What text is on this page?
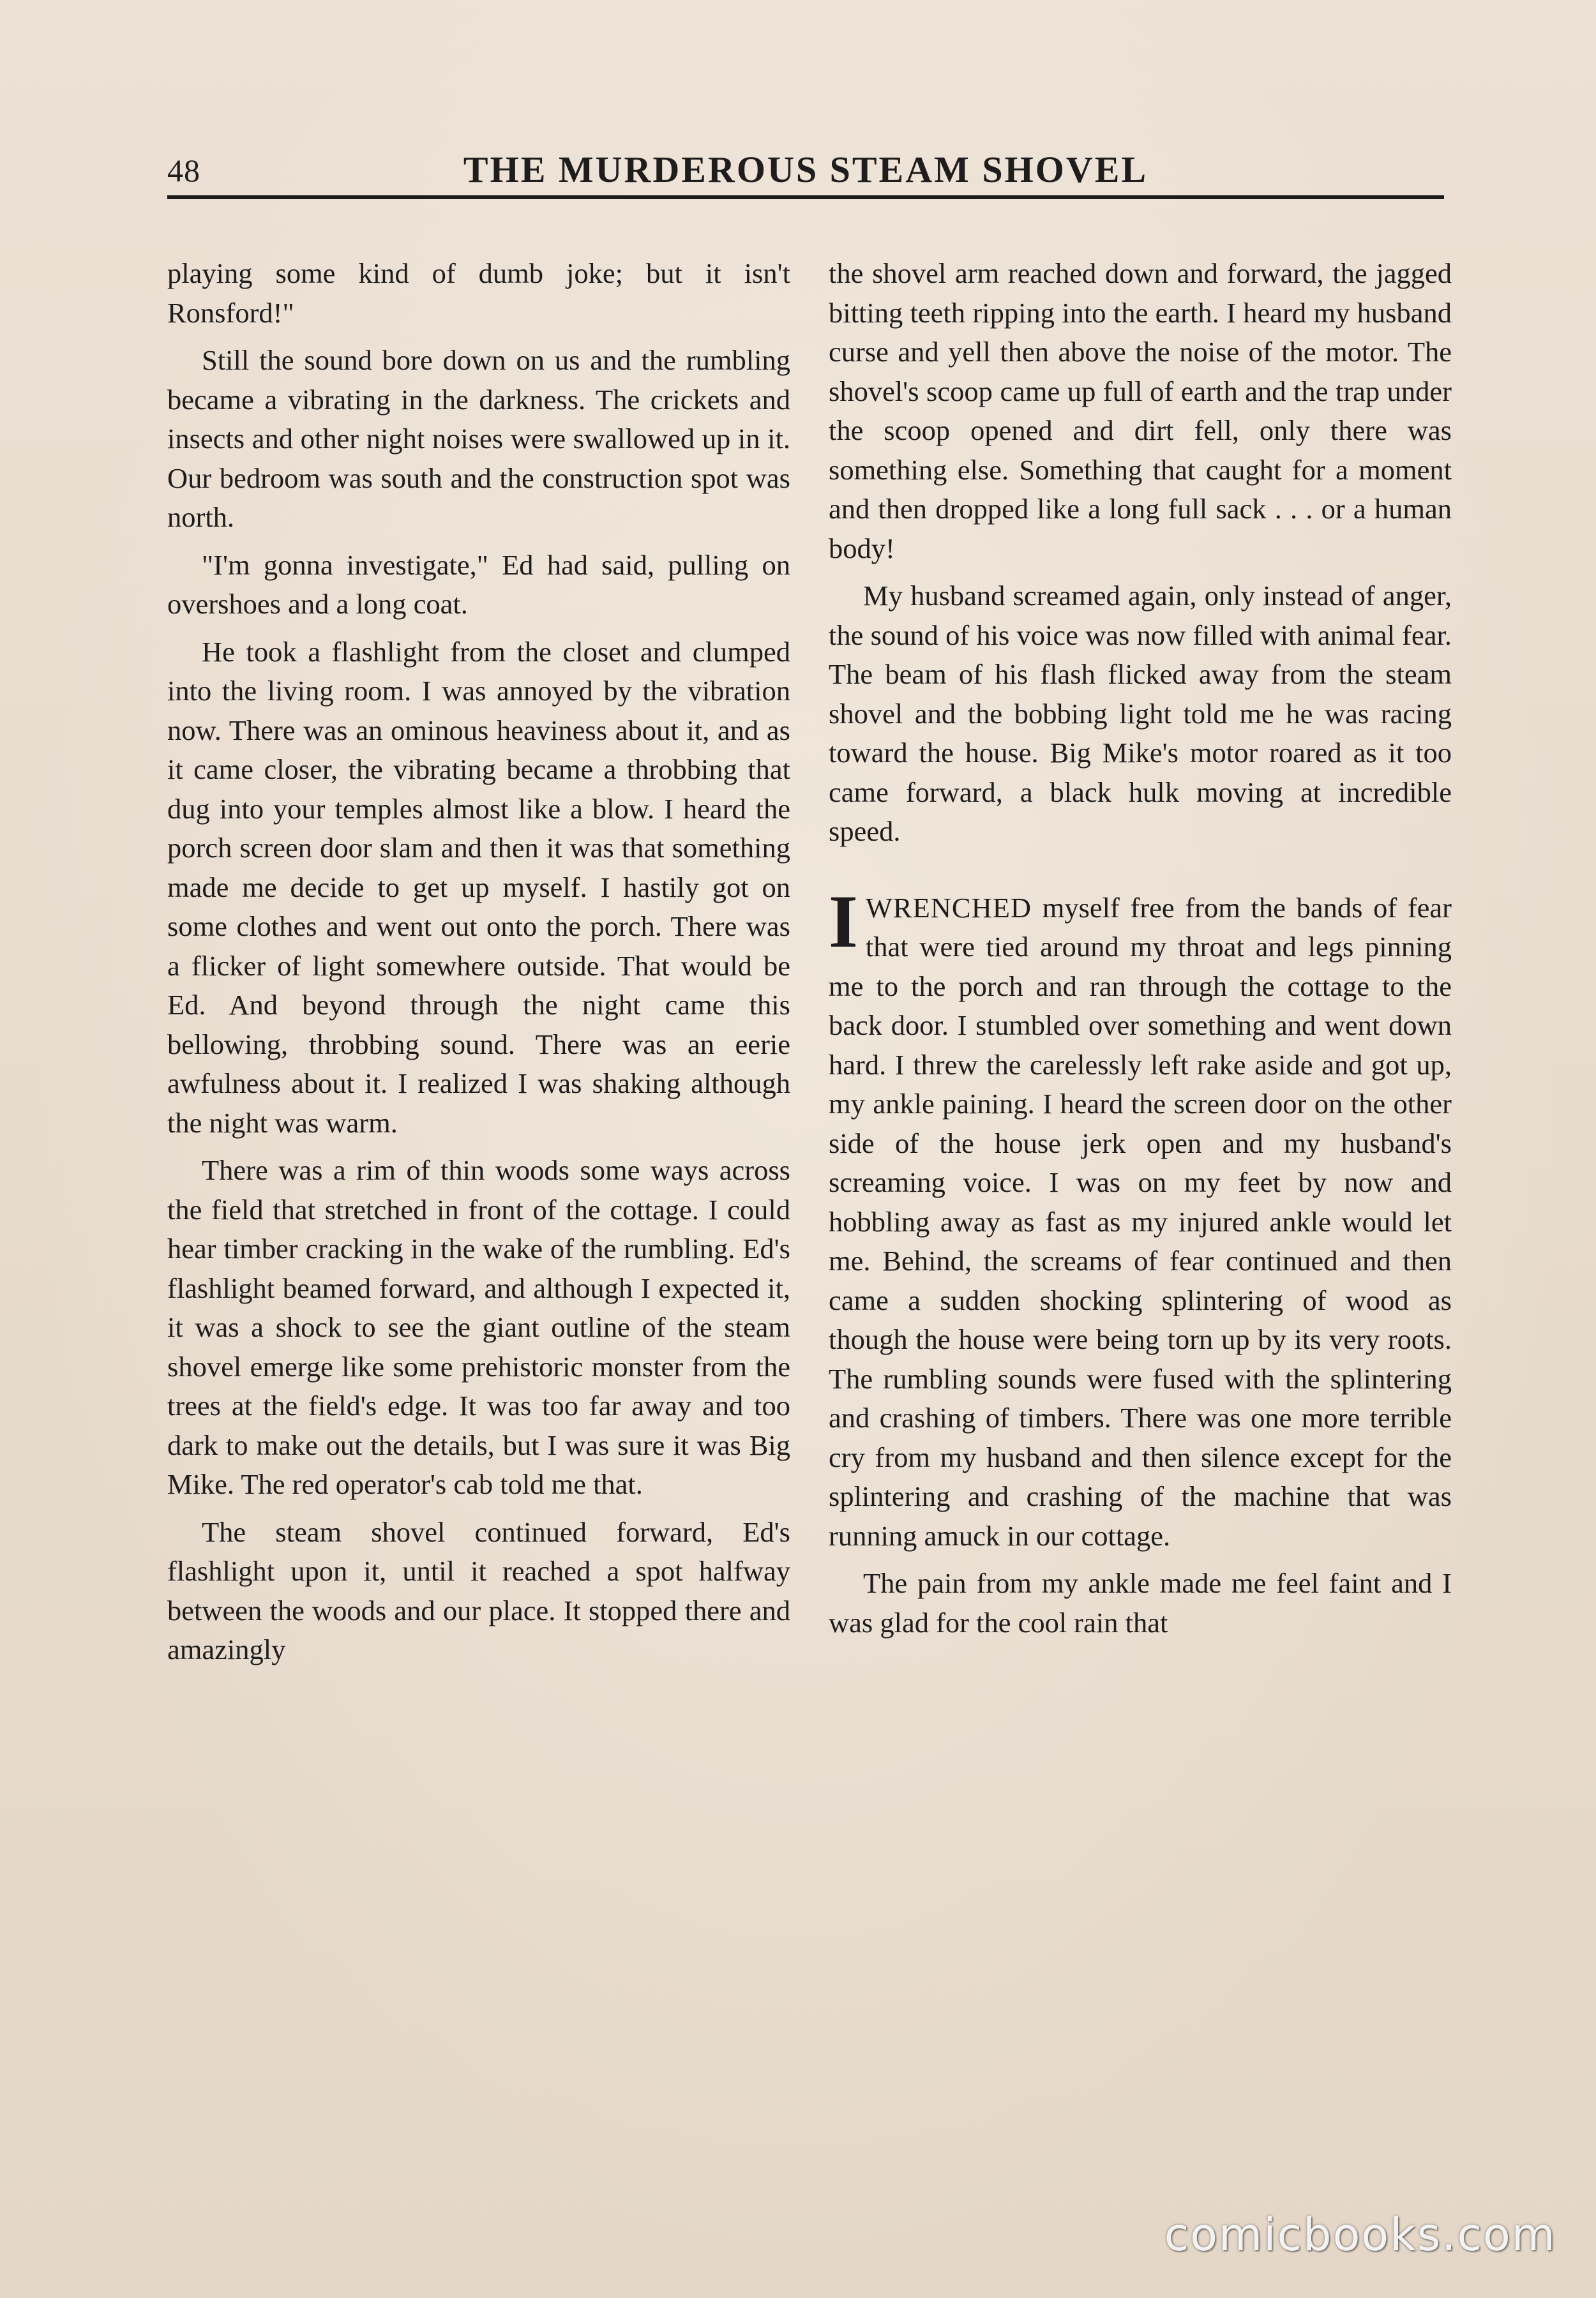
48	THE MURDEROUS STEAM SHOVEL

playing some kind of dumb joke; but it isn't Ronsford!"

Still the sound bore down on us and the rumbling became a vibrating in the darkness. The crickets and insects and other night noises were swallowed up in it. Our bedroom was south and the construction spot was north.

"I'm gonna investigate," Ed had said, pulling on overshoes and a long coat.

He took a flashlight from the closet and clumped into the living room. I was annoyed by the vibration now. There was an ominous heaviness about it, and as it came closer, the vibrating became a throbbing that dug into your temples almost like a blow. I heard the porch screen door slam and then it was that something made me decide to get up myself. I hastily got on some clothes and went out onto the porch. There was a flicker of light somewhere outside. That would be Ed. And beyond through the night came this bellowing, throbbing sound. There was an eerie awfulness about it. I realized I was shaking although the night was warm.

There was a rim of thin woods some ways across the field that stretched in front of the cottage. I could hear timber cracking in the wake of the rumbling. Ed's flashlight beamed forward, and although I expected it, it was a shock to see the giant outline of the steam shovel emerge like some prehistoric monster from the trees at the field's edge. It was too far away and too dark to make out the details, but I was sure it was Big Mike. The red operator's cab told me that.

The steam shovel continued forward, Ed's flashlight upon it, until it reached a spot halfway between the woods and our place. It stopped there and amazingly

the shovel arm reached down and forward, the jagged bitting teeth ripping into the earth. I heard my husband curse and yell then above the noise of the motor. The shovel's scoop came up full of earth and the trap under the scoop opened and dirt fell, only there was something else. Something that caught for a moment and then dropped like a long full sack . . . or a human body!

My husband screamed again, only instead of anger, the sound of his voice was now filled with animal fear. The beam of his flash flicked away from the steam shovel and the bobbing light told me he was racing toward the house. Big Mike's motor roared as it too came forward, a black hulk moving at incredible speed.

I WRENCHED myself free from the bands of fear that were tied around my throat and legs pinning me to the porch and ran through the cottage to the back door. I stumbled over something and went down hard. I threw the carelessly left rake aside and got up, my ankle paining. I heard the screen door on the other side of the house jerk open and my husband's screaming voice. I was on my feet by now and hobbling away as fast as my injured ankle would let me. Behind, the screams of fear continued and then came a sudden shocking splintering of wood as though the house were being torn up by its very roots. The rumbling sounds were fused with the splintering and crashing of timbers. There was one more terrible cry from my husband and then silence except for the splintering and crashing of the machine that was running amuck in our cottage.

The pain from my ankle made me feel faint and I was glad for the cool rain that

comicbooks.com
